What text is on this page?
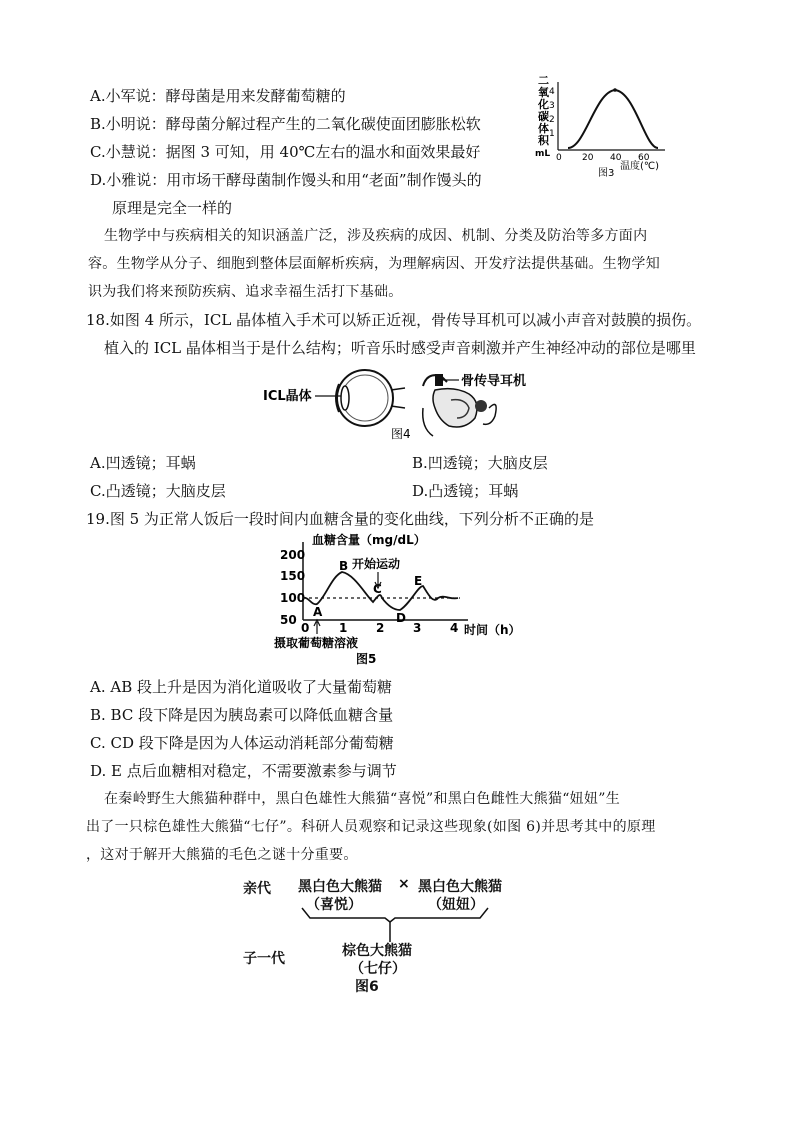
A.小军说：酵母菌是用来发酵葡萄糖的
B.小明说：酵母菌分解过程产生的二氧化碳使面团膨胀松软
C.小慧说：据图 3 可知，用 40℃左右的温水和面效果最好
D.小雅说：用市场干酵母菌制作馒头和用“老面”制作馒头的
原理是完全一样的
二
氧
化
碳
体
积
mL
4
3
2
1
0 20 40 60
温度(℃)
图3
生物学中与疾病相关的知识涵盖广泛，涉及疾病的成因、机制、分类及防治等多方面内
容。生物学从分子、细胞到整体层面解析疾病，为理解病因、开发疗法提供基础。生物学知
识为我们将来预防疾病、追求幸福生活打下基础。
18.如图 4 所示，ICL 晶体植入手术可以矫正近视，骨传导耳机可以减小声音对鼓膜的损伤。
植入的 ICL 晶体相当于是什么结构；听音乐时感受声音刺激并产生神经冲动的部位是哪里
ICL晶体
骨传导耳机
图4
A.凹透镜；耳蜗	B.凹透镜；大脑皮层
C.凸透镜；大脑皮层	D.凸透镜；耳蜗
19.图 5 为正常人饭后一段时间内血糖含量的变化曲线，下列分析不正确的是
血糖含量（mg/dL）
200
150
100
50
0 1 2 3 4 时间（h）
A
B
C
D
E
开始运动
摄取葡萄糖溶液
图5
A. AB 段上升是因为消化道吸收了大量葡萄糖
B. BC 段下降是因为胰岛素可以降低血糖含量
C. CD 段下降是因为人体运动消耗部分葡萄糖
D. E 点后血糖相对稳定，不需要激素参与调节
在秦岭野生大熊猫种群中，黑白色雄性大熊猫“喜悦”和黑白色雌性大熊猫“妞妞”生
出了一只棕色雄性大熊猫“七仔”。科研人员观察和记录这些现象(如图 6)并思考其中的原理
，这对于解开大熊猫的毛色之谜十分重要。
亲代 黑白色大熊猫 × 黑白色大熊猫
（喜悦）	（妞妞）
子一代	棕色大熊猫
（七仔）
图6
